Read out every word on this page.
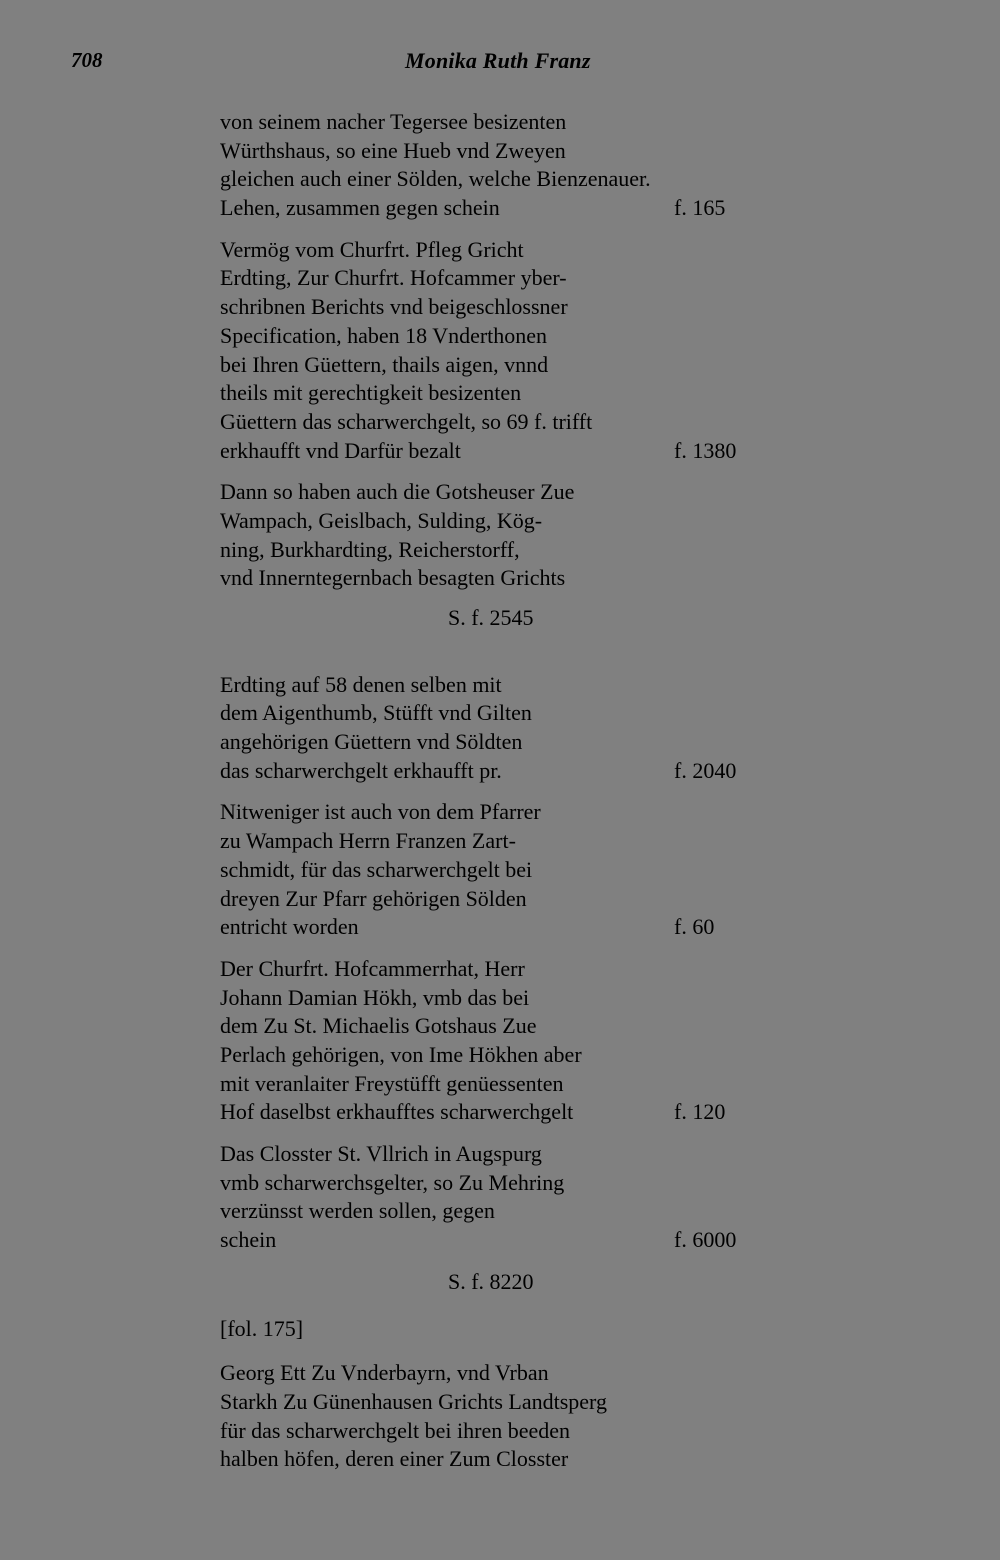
708	Monika Ruth Franz
von seinem nacher Tegersee besizenten
Würthshaus, so eine Hueb vnd Zweyen
gleichen auch einer Sölden, welche Bienzenauer.
Lehen, zusammen gegen schein	f. 165
Vermög vom Churfrt. Pfleg Gricht
Erdting, Zur Churfrt. Hofcammer yber-
schribnen Berichts vnd beigeschlossner
Specification, haben 18 Vnderthonen
bei Ihren Güettern, thails aigen, vnnd
theils mit gerechtigkeit besizenten
Güettern das scharwerchgelt, so 69 f. trifft
erkhaufft vnd Darfür bezalt	f. 1380
Dann so haben auch die Gotsheuser Zue
Wampach, Geislbach, Sulding, Kög-
ning, Burkhardting, Reicherstorff,
vnd Innerntegernbach besagten Grichts
S. f. 2545
Erdting auf 58 denen selben mit
dem Aigenthumb, Stüfft vnd Gilten
angehörigen Güettern vnd Söldten
das scharwerchgelt erkhaufft pr.	f. 2040
Nitweniger ist auch von dem Pfarrer
zu Wampach Herrn Franzen Zart-
schmidt, für das scharwerchgelt bei
dreyen Zur Pfarr gehörigen Sölden
entricht worden	f. 60
Der Churfrt. Hofcammerrhat, Herr
Johann Damian Hökh, vmb das bei
dem Zu St. Michaelis Gotshaus Zue
Perlach gehörigen, von Ime Hökhen aber
mit veranlaiter Freystüfft genüessenten
Hof daselbst erkhaufftes scharwerchgelt	f. 120
Das Closster St. Vllrich in Augspurg
vmb scharwerchsgelter, so Zu Mehring
verzünsst werden sollen, gegen
schein	f. 6000
S. f. 8220
[fol. 175]
Georg Ett Zu Vnderbayrn, vnd Vrban
Starkh Zu Günenhausen Grichts Landtsperg
für das scharwerchgelt bei ihren beeden
halben höfen, deren einer Zum Closster
